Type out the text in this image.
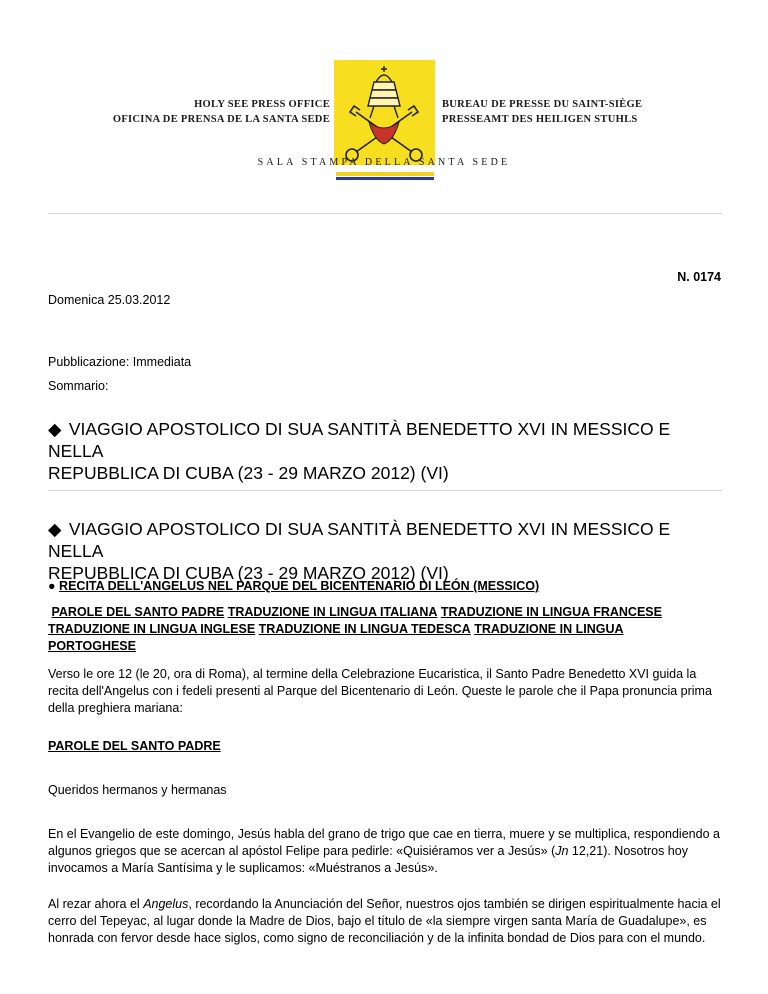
HOLY SEE PRESS OFFICE
OFICINA DE PRENSA DE LA SANTA SEDE
BUREAU DE PRESSE DU SAINT-SIÈGE
PRESSEAMT DES HEILIGEN STUHLS
SALA STAMPA DELLA SANTA SEDE
N. 0174
Domenica 25.03.2012
Pubblicazione: Immediata
Sommario:
◆ VIAGGIO APOSTOLICO DI SUA SANTITÀ BENEDETTO XVI IN MESSICO E NELLA
REPUBBLICA DI CUBA (23 - 29 MARZO 2012) (VI)
◆ VIAGGIO APOSTOLICO DI SUA SANTITÀ BENEDETTO XVI IN MESSICO E NELLA
REPUBBLICA DI CUBA (23 - 29 MARZO 2012) (VI)
● RECITA DELL'ANGELUS NEL PARQUE DEL BICENTENARIO DI LEÓN (MESSICO)
PAROLE DEL SANTO PADRE TRADUZIONE IN LINGUA ITALIANA TRADUZIONE IN LINGUA FRANCESE TRADUZIONE IN LINGUA INGLESE TRADUZIONE IN LINGUA TEDESCA TRADUZIONE IN LINGUA PORTOGHESE
Verso le ore 12 (le 20, ora di Roma), al termine della Celebrazione Eucaristica, il Santo Padre Benedetto XVI guida la recita dell'Angelus con i fedeli presenti al Parque del Bicentenario di León. Queste le parole che il Papa pronuncia prima della preghiera mariana:
PAROLE DEL SANTO PADRE
Queridos hermanos y hermanas
En el Evangelio de este domingo, Jesús habla del grano de trigo que cae en tierra, muere y se multiplica, respondiendo a algunos griegos que se acercan al apóstol Felipe para pedirle: «Quisiéramos ver a Jesús» (Jn 12,21). Nosotros hoy invocamos a María Santísima y le suplicamos: «Muéstranos a Jesús».
Al rezar ahora el Angelus, recordando la Anunciación del Señor, nuestros ojos también se dirigen espiritualmente hacia el cerro del Tepeyac, al lugar donde la Madre de Dios, bajo el título de «la siempre virgen santa María de Guadalupe», es honrada con fervor desde hace siglos, como signo de reconciliación y de la infinita bondad de Dios para con el mundo.
